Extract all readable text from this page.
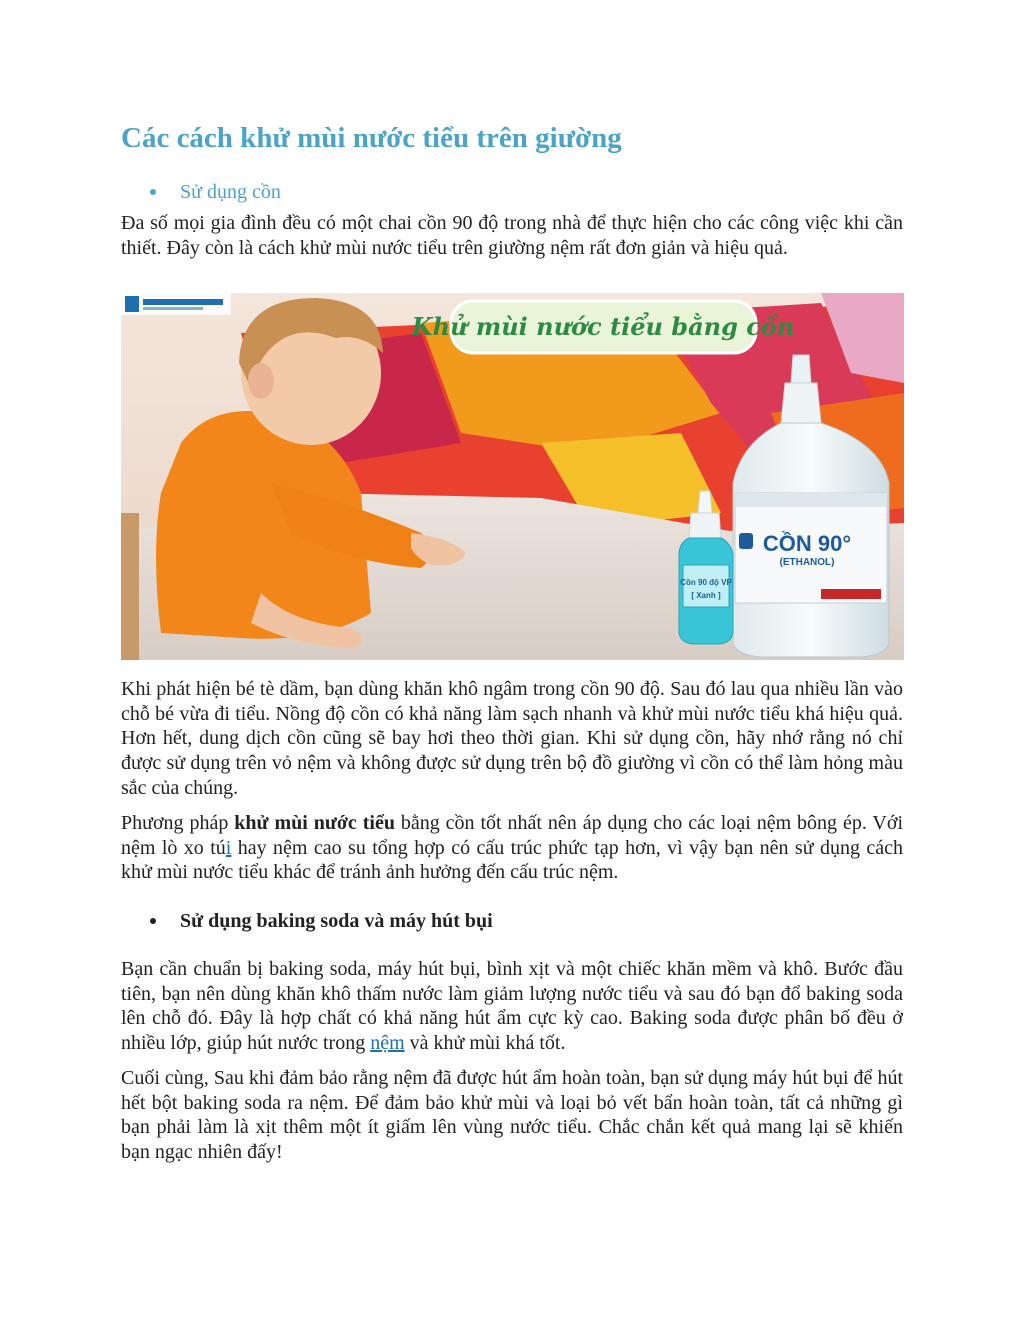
Các cách khử mùi nước tiểu trên giường
Sử dụng cồn

Đa số mọi gia đình đều có một chai cồn 90 độ trong nhà để thực hiện cho các công việc khi cần thiết. Đây còn là cách khử mùi nước tiểu trên giường nệm rất đơn giản và hiệu quả.

Khử mùi nước tiểu bằng cồn
CỒN 90°
(ETHANOL)
Cồn 90 độ VP
[ Xanh ]

Khi phát hiện bé tè dầm, bạn dùng khăn khô ngâm trong cồn 90 độ. Sau đó lau qua nhiều lần vào chỗ bé vừa đi tiểu. Nồng độ cồn có khả năng làm sạch nhanh và khử mùi nước tiểu khá hiệu quả. Hơn hết, dung dịch cồn cũng sẽ bay hơi theo thời gian. Khi sử dụng cồn, hãy nhớ rằng nó chỉ được sử dụng trên vỏ nệm và không được sử dụng trên bộ đồ giường vì cồn có thể làm hỏng màu sắc của chúng.

Phương pháp khử mùi nước tiểu bằng cồn tốt nhất nên áp dụng cho các loại nệm bông ép. Với nệm lò xo túi hay nệm cao su tổng hợp có cấu trúc phức tạp hơn, vì vậy bạn nên sử dụng cách khử mùi nước tiểu khác để tránh ảnh hưởng đến cấu trúc nệm.

Sử dụng baking soda và máy hút bụi

Bạn cần chuẩn bị baking soda, máy hút bụi, bình xịt và một chiếc khăn mềm và khô. Bước đầu tiên, bạn nên dùng khăn khô thấm nước làm giảm lượng nước tiểu và sau đó bạn đổ baking soda lên chỗ đó. Đây là hợp chất có khả năng hút ẩm cực kỳ cao. Baking soda được phân bố đều ở nhiều lớp, giúp hút nước trong nệm và khử mùi khá tốt.

Cuối cùng, Sau khi đảm bảo rằng nệm đã được hút ẩm hoàn toàn, bạn sử dụng máy hút bụi để hút hết bột baking soda ra nệm. Để đảm bảo khử mùi và loại bỏ vết bẩn hoàn toàn, tất cả những gì bạn phải làm là xịt thêm một ít giấm lên vùng nước tiểu. Chắc chắn kết quả mang lại sẽ khiến bạn ngạc nhiên đấy!
